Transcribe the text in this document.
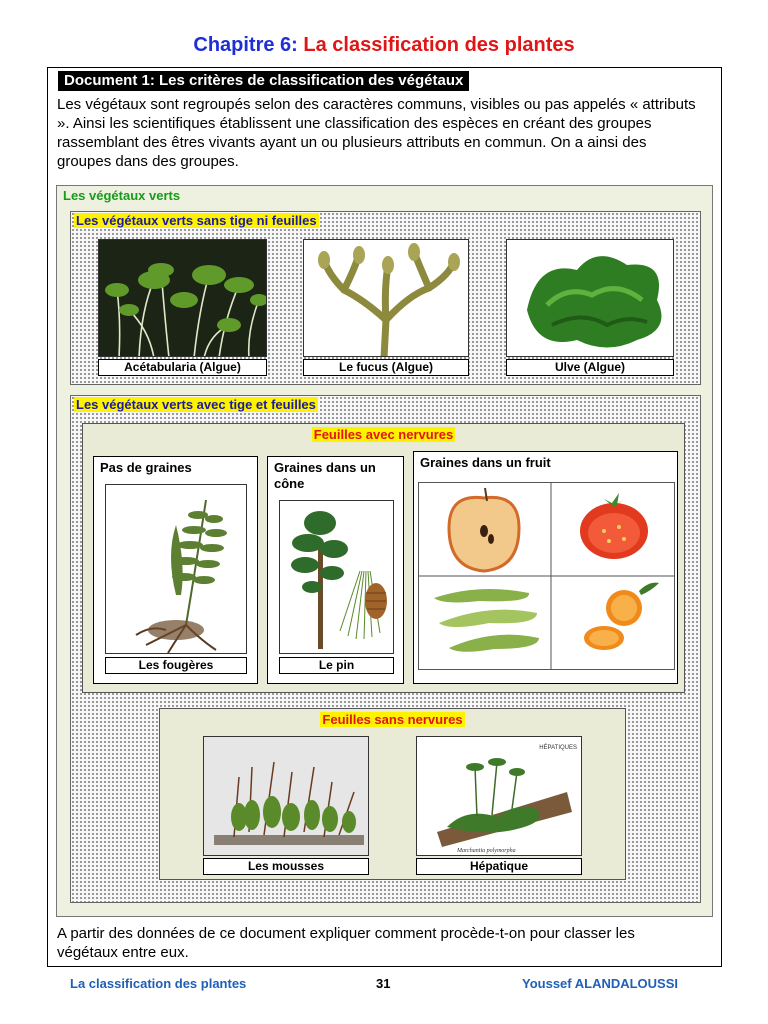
Chapitre 6: La classification des plantes
Document 1: Les critères de classification des végétaux

Les végétaux sont regroupés selon des caractères communs, visibles ou pas appelés « attributs ». Ainsi les scientifiques établissent une classification des espèces en créant des groupes rassemblant des êtres vivants ayant un ou plusieurs attributs en commun. On a ainsi des groupes dans des groupes.

Les végétaux verts
Les végétaux verts sans tige ni feuilles
Acétabularia (Algue)	Le fucus (Algue)	Ulve (Algue)
Les végétaux verts avec tige et feuilles
Feuilles avec nervures
Pas de graines
Les fougères
Graines dans un cône
Le pin
Graines dans un fruit
Feuilles sans nervures
Les mousses
HÉPATIQUES
Marchantia polymorpha
Hépatique

A partir des données de ce document expliquer comment procède-t-on pour classer les végétaux entre eux.

La classification des plantes	31	Youssef ALANDALOUSSI
